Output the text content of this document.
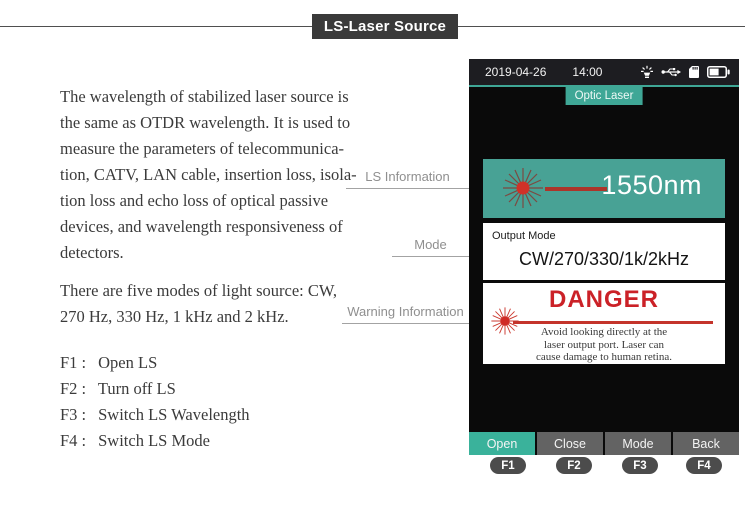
LS-Laser Source
The wavelength of stabilized laser source is
the same as OTDR wavelength. It is used to
measure the parameters of telecommunica-
tion, CATV, LAN cable, insertion loss, isola-
tion loss and echo loss of optical passive
devices, and wavelength responsiveness of
detectors.
There are five modes of light source: CW,
270 Hz, 330 Hz, 1 kHz and 2 kHz.
F1 : Open LS
F2 : Turn off LS
F3 : Switch LS Wavelength
F4 : Switch LS Mode
LS Information
Mode
Warning Information
2019-04-26 14:00
Optic Laser
1550nm
Output Mode
CW/270/330/1k/2kHz
DANGER
Avoid looking directly at the
laser output port. Laser can
cause damage to human retina.
Open	Close	Mode	Back
F1	F2	F3	F4
